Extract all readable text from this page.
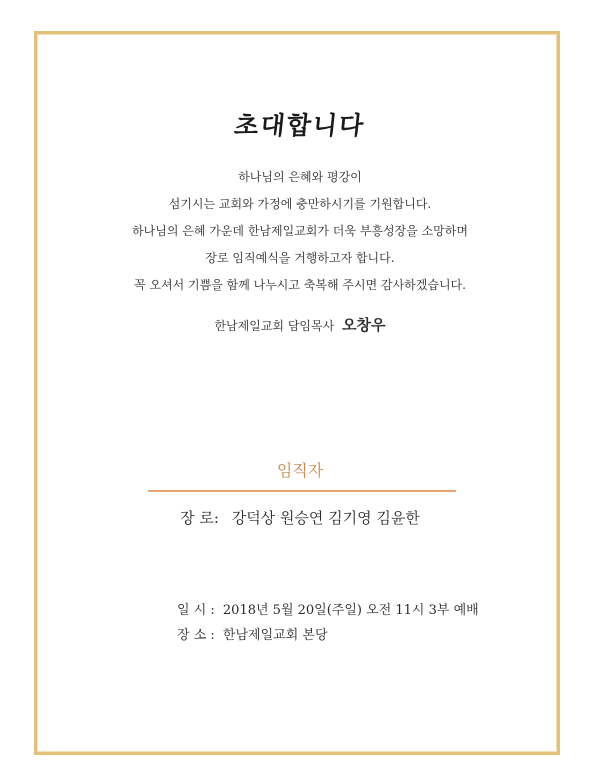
초대합니다
하나님의 은혜와 평강이
섬기시는 교회와 가정에 충만하시기를 기원합니다.
하나님의 은혜 가운데 한남제일교회가 더욱 부흥성장을 소망하며
장로 임직예식을 거행하고자 합니다.
꼭 오셔서 기쁨을 함께 나누시고 축복해 주시면 감사하겠습니다.
한남제일교회 담임목사 오창우
임직자
장 로: 강덕상 원승연 김기영 김윤한
일 시 : 2018년 5월 20일(주일) 오전 11시 3부 예배
장 소 : 한남제일교회 본당
